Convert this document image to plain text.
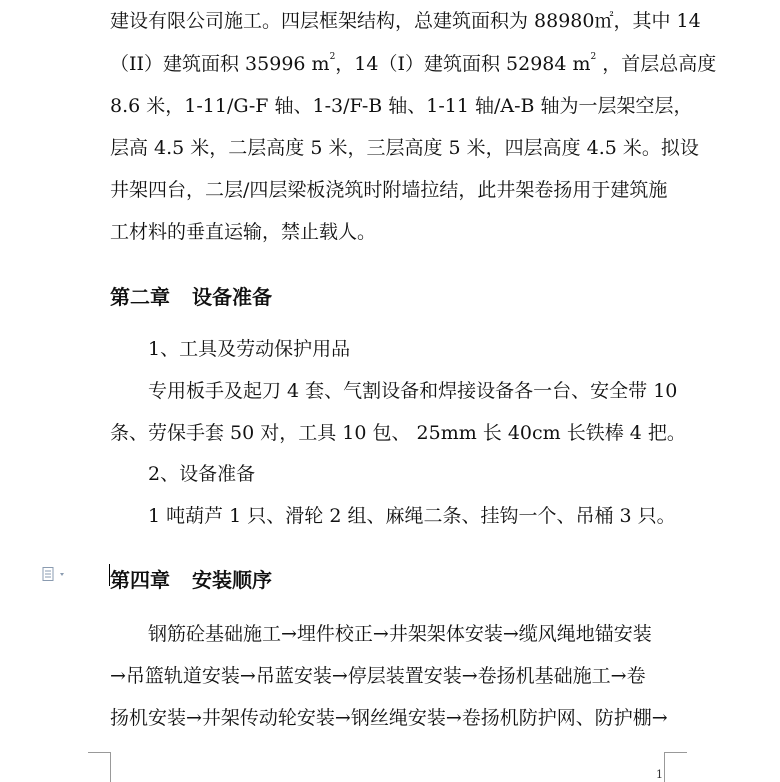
建设有限公司施工。四层框架结构，总建筑面积为 88980㎡，其中 14
（II）建筑面积 35996 $m^2$，14（I）建筑面积 52984 $m^2$ ，首层总高度
8.6 米，1-11/G-F 轴、1-3/F-B 轴、1-11 轴/A-B 轴为一层架空层，
层高 4.5 米，二层高度 5 米，三层高度 5 米，四层高度 4.5 米。拟设
井架四台，二层/四层梁板浇筑时附墙拉结，此井架卷扬用于建筑施
工材料的垂直运输，禁止载人。
第二章 设备准备
1、工具及劳动保护用品
专用板手及起刀 4 套、气割设备和焊接设备各一台、安全带 10
条、劳保手套 50 对，工具 10 包、 25mm 长 40cm 长铁棒 4 把。
2、设备准备
1 吨葫芦 1 只、滑轮 2 组、麻绳二条、挂钩一个、吊桶 3 只。
第四章 安装顺序
钢筋砼基础施工→埋件校正→井架架体安装→缆风绳地锚安装
→吊篮轨道安装→吊蓝安装→停层装置安装→卷扬机基础施工→卷
扬机安装→井架传动轮安装→钢丝绳安装→卷扬机防护网、防护棚→
1
